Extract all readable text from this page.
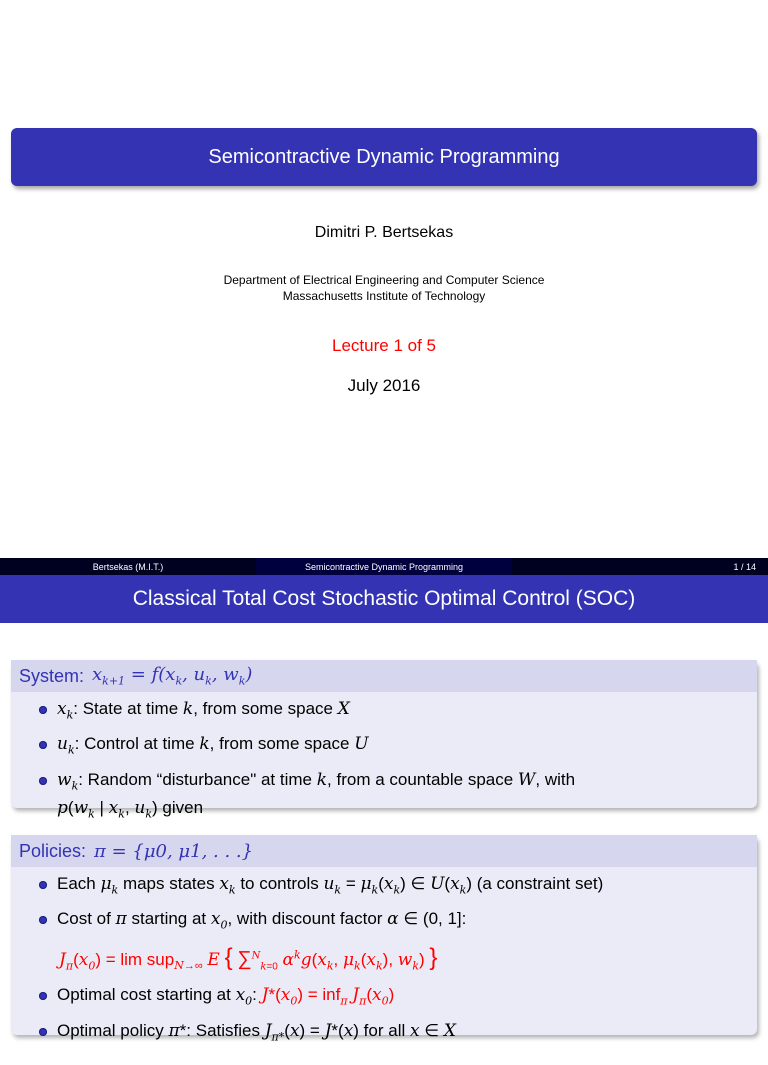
Semicontractive Dynamic Programming
Dimitri P. Bertsekas
Department of Electrical Engineering and Computer Science
Massachusetts Institute of Technology
Lecture 1 of 5
July 2016
Bertsekas (M.I.T.)	Semicontractive Dynamic Programming	1 / 14
Classical Total Cost Stochastic Optimal Control (SOC)
System: $x_{k+1} = f(x_k$, $u_k$, $w_k$)
$x_k$: State at time k, from some space X
$u_k$: Control at time k, from some space U
$w_k$: Random “disturbance" at time k, from a countable space W, with
$p(w_k$ | $x_k$, $u_k$) given
Policies: π = {μ0, μ1, . . .}
Each $\mu_k$ maps states $x_k$ to controls $u_k = \mu_k(x_k)$ ∈ $U(x_k)$ (a constraint set)
Cost of π starting at $x_0$, with discount factor α ∈ (0, 1]:
$J_\pi(x_0) = \lim sup_{N\to\infty}$ E { ∑$^N_{k=0}$ $\alpha^kg(x_k$, $\mu_k(x_k)$, $w_k$) }
Optimal cost starting at $x_0$: $J*(x_0) = inf_\pi$ $J_\pi(x_0)$
Optimal policy π*: Satisfies $J_{\pi*}(x) = J*(x)$ for all x ∈ X
